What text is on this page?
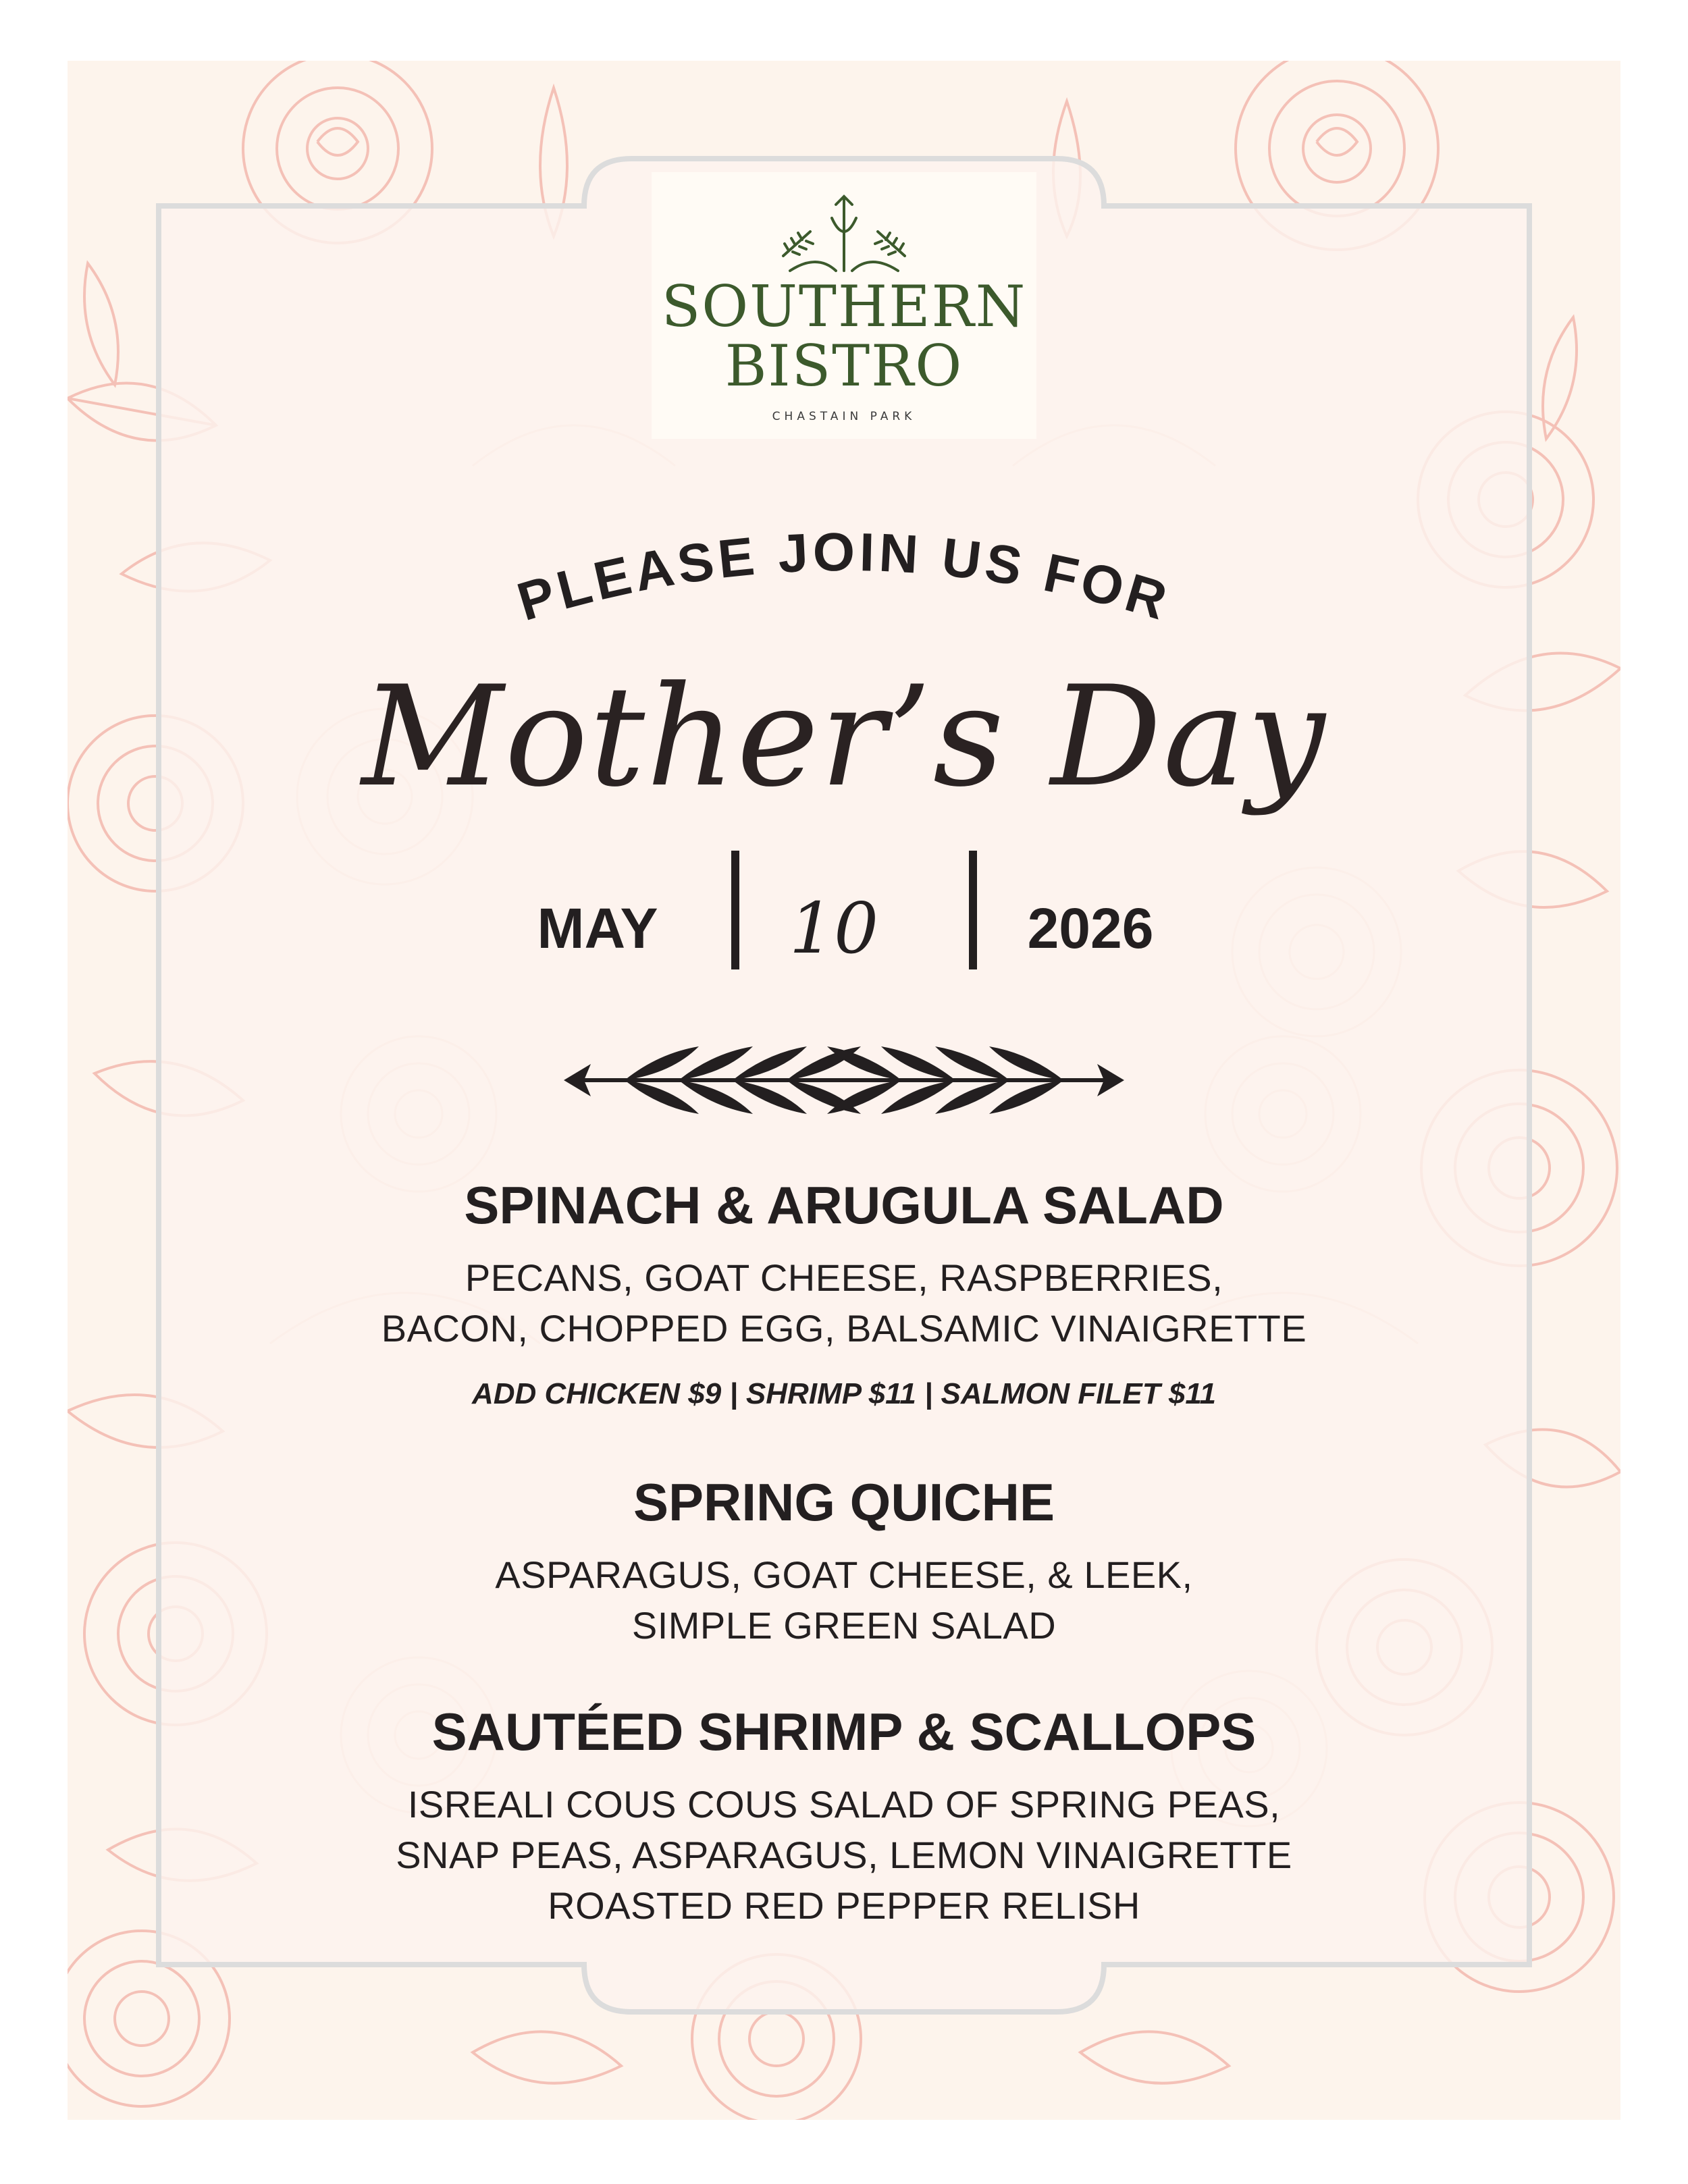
SOUTHERN
BISTRO
CHASTAIN PARK
PLEASE JOIN US FOR
Mother’s Day
MAY	10	2026
SPINACH & ARUGULA SALAD
PECANS, GOAT CHEESE, RASPBERRIES,
BACON, CHOPPED EGG, BALSAMIC VINAIGRETTE
ADD CHICKEN $9 | SHRIMP $11 | SALMON FILET $11
SPRING QUICHE
ASPARAGUS, GOAT CHEESE, & LEEK,
SIMPLE GREEN SALAD
SAUTÉED SHRIMP & SCALLOPS
ISREALI COUS COUS SALAD OF SPRING PEAS,
SNAP PEAS, ASPARAGUS, LEMON VINAIGRETTE
ROASTED RED PEPPER RELISH
